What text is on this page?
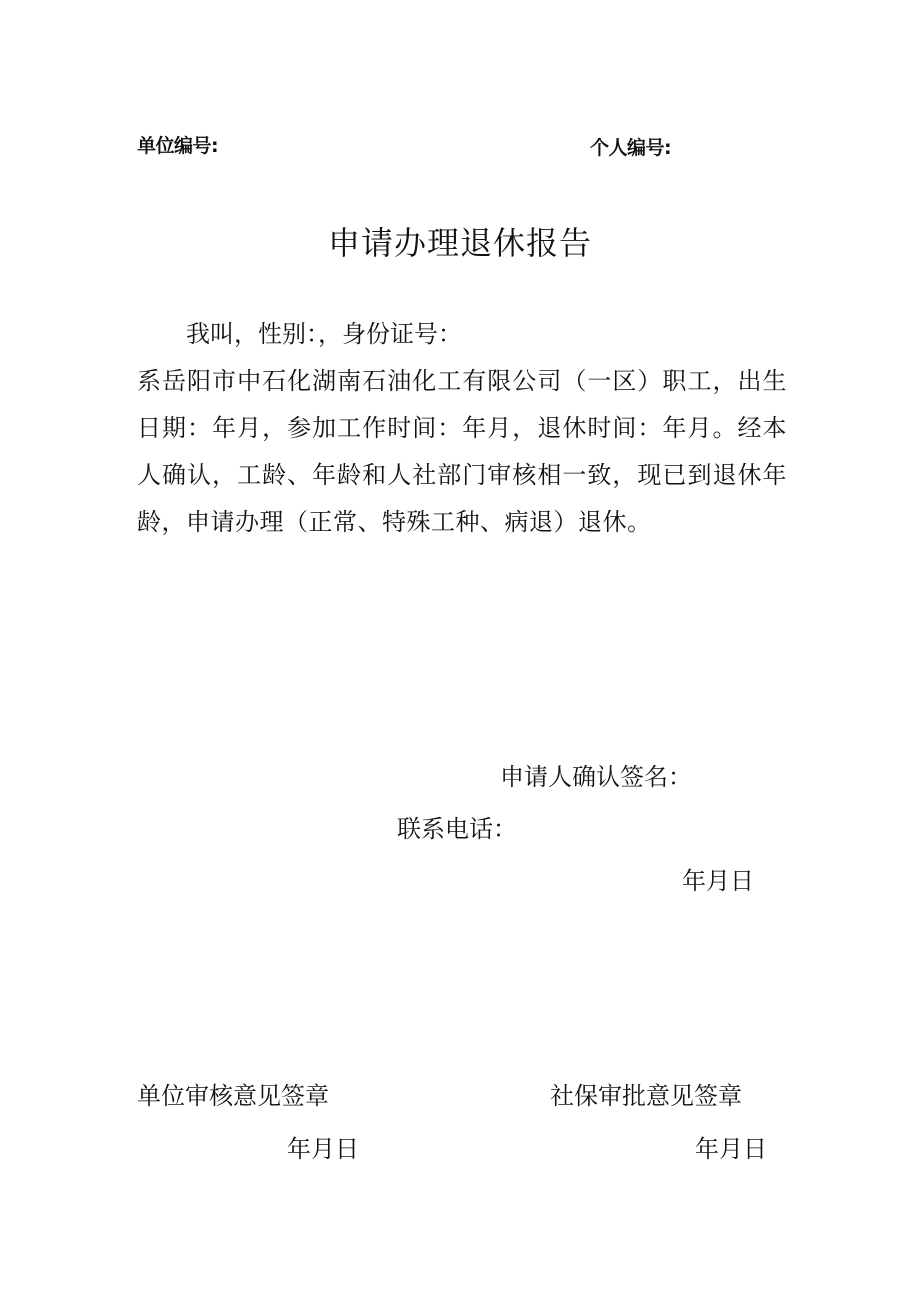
单位编号:	个人编号:
申请办理退休报告
我叫，性别：，身份证号：
系岳阳市中石化湖南石油化工有限公司（一区）职工，出生日期：年月，参加工作时间：年月，退休时间：年月。经本人确认，工龄、年龄和人社部门审核相一致，现已到退休年龄，申请办理（正常、特殊工种、病退）退休。
申请人确认签名：
联系电话：
年月日
单位审核意见签章	社保审批意见签章
年月日	年月日
